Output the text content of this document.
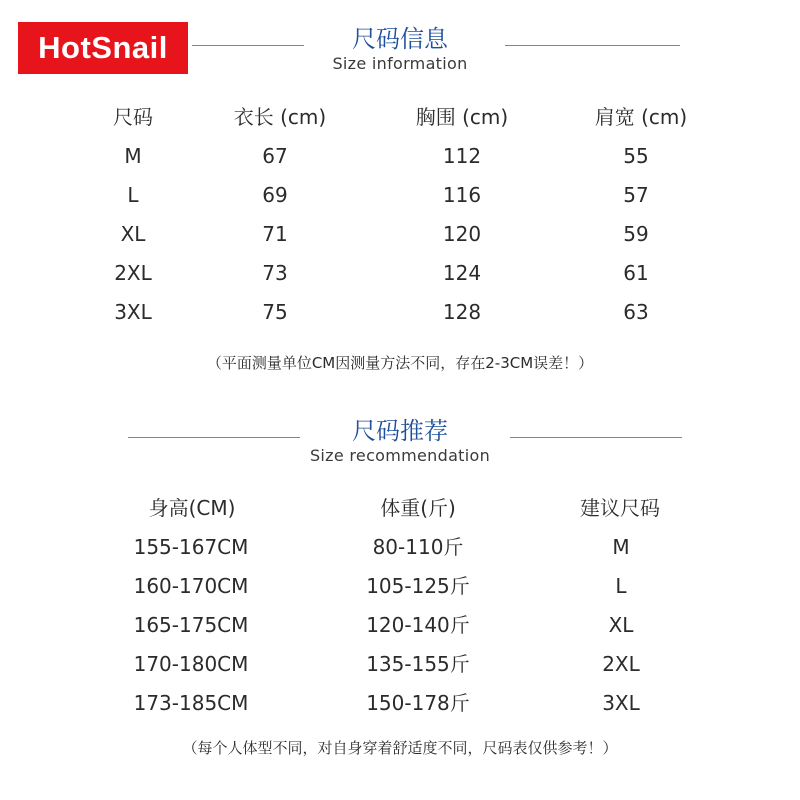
HotSnail	尺码信息
Size information
尺码	衣长 (cm)	胸围 (cm)	肩宽 (cm)
M	67	112	55
L	69	116	57
XL	71	120	59
2XL	73	124	61
3XL	75	128	63
（平面测量单位CM因测量方法不同，存在2-3CM误差！）
尺码推荐
Size recommendation
身高(CM)	体重(斤)	建议尺码
155-167CM	80-110斤	M
160-170CM	105-125斤	L
165-175CM	120-140斤	XL
170-180CM	135-155斤	2XL
173-185CM	150-178斤	3XL
（每个人体型不同，对自身穿着舒适度不同，尺码表仅供参考！）
